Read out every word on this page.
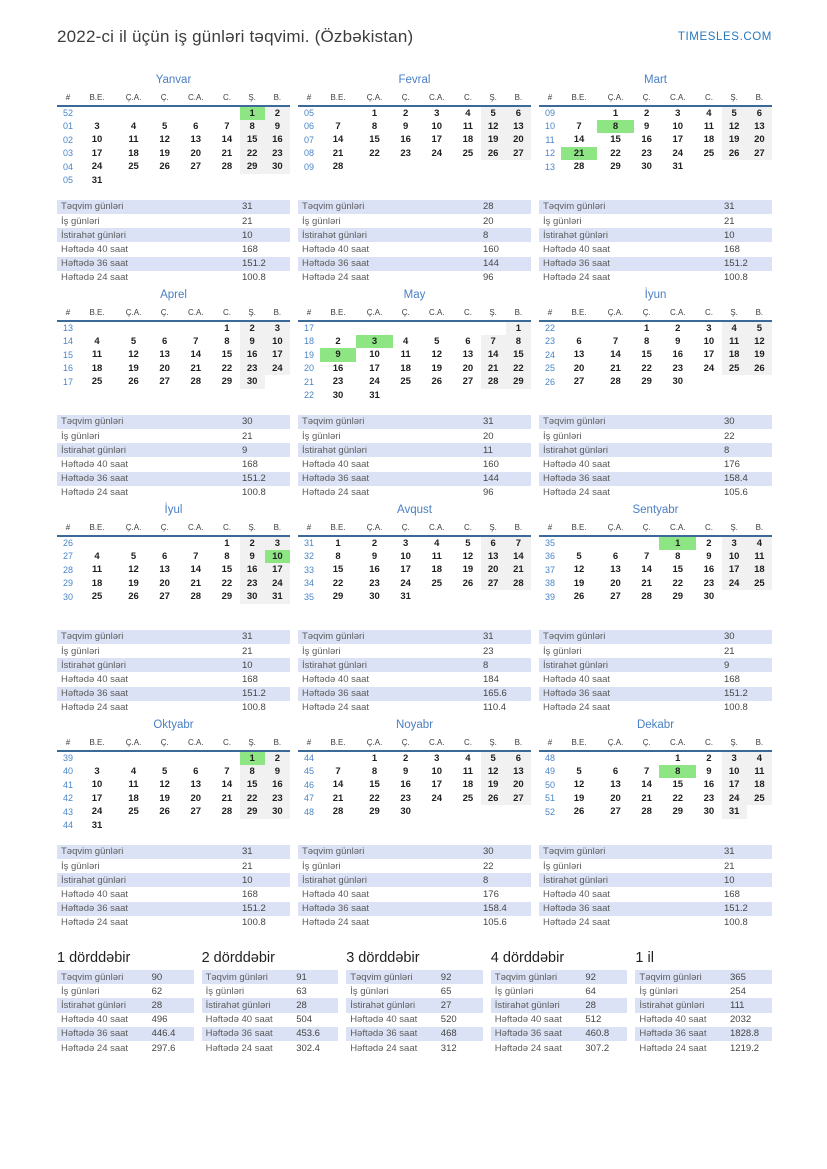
2022-ci il üçün iş günləri təqvimi. (Özbəkistan)	TIMESLES.COM
Yanvar
#	B.E.	Ç.A.	Ç.	C.A.	C.	Ş.	B.
52						1	2
01	3	4	5	6	7	8	9
02	10	11	12	13	14	15	16
03	17	18	19	20	21	22	23
04	24	25	26	27	28	29	30
05	31						
Təqvim günləri	31
İş günləri	21
İstirahət günləri	10
Həftədə 40 saat	168
Həftədə 36 saat	151.2
Həftədə 24 saat	100.8
Fevral
#	B.E.	Ç.A.	Ç.	C.A.	C.	Ş.	B.
05		1	2	3	4	5	6
06	7	8	9	10	11	12	13
07	14	15	16	17	18	19	20
08	21	22	23	24	25	26	27
09	28						
Təqvim günləri	28
İş günləri	20
İstirahət günləri	8
Həftədə 40 saat	160
Həftədə 36 saat	144
Həftədə 24 saat	96
Mart
#	B.E.	Ç.A.	Ç.	C.A.	C.	Ş.	B.
09		1	2	3	4	5	6
10	7	8	9	10	11	12	13
11	14	15	16	17	18	19	20
12	21	22	23	24	25	26	27
13	28	29	30	31			
Təqvim günləri	31
İş günləri	21
İstirahət günləri	10
Həftədə 40 saat	168
Həftədə 36 saat	151.2
Həftədə 24 saat	100.8
Aprel
#	B.E.	Ç.A.	Ç.	C.A.	C.	Ş.	B.
13					1	2	3
14	4	5	6	7	8	9	10
15	11	12	13	14	15	16	17
16	18	19	20	21	22	23	24
17	25	26	27	28	29	30	
Təqvim günləri	30
İş günləri	21
İstirahət günləri	9
Həftədə 40 saat	168
Həftədə 36 saat	151.2
Həftədə 24 saat	100.8
May
#	B.E.	Ç.A.	Ç.	C.A.	C.	Ş.	B.
17							1
18	2	3	4	5	6	7	8
19	9	10	11	12	13	14	15
20	16	17	18	19	20	21	22
21	23	24	25	26	27	28	29
22	30	31					
Təqvim günləri	31
İş günləri	20
İstirahət günləri	11
Həftədə 40 saat	160
Həftədə 36 saat	144
Həftədə 24 saat	96
İyun
#	B.E.	Ç.A.	Ç.	C.A.	C.	Ş.	B.
22			1	2	3	4	5
23	6	7	8	9	10	11	12
24	13	14	15	16	17	18	19
25	20	21	22	23	24	25	26
26	27	28	29	30			
Təqvim günləri	30
İş günləri	22
İstirahət günləri	8
Həftədə 40 saat	176
Həftədə 36 saat	158.4
Həftədə 24 saat	105.6
İyul
#	B.E.	Ç.A.	Ç.	C.A.	C.	Ş.	B.
26					1	2	3
27	4	5	6	7	8	9	10
28	11	12	13	14	15	16	17
29	18	19	20	21	22	23	24
30	25	26	27	28	29	30	31
Təqvim günləri	31
İş günləri	21
İstirahət günləri	10
Həftədə 40 saat	168
Həftədə 36 saat	151.2
Həftədə 24 saat	100.8
Avqust
#	B.E.	Ç.A.	Ç.	C.A.	C.	Ş.	B.
31	1	2	3	4	5	6	7
32	8	9	10	11	12	13	14
33	15	16	17	18	19	20	21
34	22	23	24	25	26	27	28
35	29	30	31				
Təqvim günləri	31
İş günləri	23
İstirahət günləri	8
Həftədə 40 saat	184
Həftədə 36 saat	165.6
Həftədə 24 saat	110.4
Sentyabr
#	B.E.	Ç.A.	Ç.	C.A.	C.	Ş.	B.
35				1	2	3	4
36	5	6	7	8	9	10	11
37	12	13	14	15	16	17	18
38	19	20	21	22	23	24	25
39	26	27	28	29	30		
Təqvim günləri	30
İş günləri	21
İstirahət günləri	9
Həftədə 40 saat	168
Həftədə 36 saat	151.2
Həftədə 24 saat	100.8
Oktyabr
#	B.E.	Ç.A.	Ç.	C.A.	C.	Ş.	B.
39						1	2
40	3	4	5	6	7	8	9
41	10	11	12	13	14	15	16
42	17	18	19	20	21	22	23
43	24	25	26	27	28	29	30
44	31						
Təqvim günləri	31
İş günləri	21
İstirahət günləri	10
Həftədə 40 saat	168
Həftədə 36 saat	151.2
Həftədə 24 saat	100.8
Noyabr
#	B.E.	Ç.A.	Ç.	C.A.	C.	Ş.	B.
44		1	2	3	4	5	6
45	7	8	9	10	11	12	13
46	14	15	16	17	18	19	20
47	21	22	23	24	25	26	27
48	28	29	30				
Təqvim günləri	30
İş günləri	22
İstirahət günləri	8
Həftədə 40 saat	176
Həftədə 36 saat	158.4
Həftədə 24 saat	105.6
Dekabr
#	B.E.	Ç.A.	Ç.	C.A.	C.	Ş.	B.
48				1	2	3	4
49	5	6	7	8	9	10	11
50	12	13	14	15	16	17	18
51	19	20	21	22	23	24	25
52	26	27	28	29	30	31	
Təqvim günləri	31
İş günləri	21
İstirahət günləri	10
Həftədə 40 saat	168
Həftədə 36 saat	151.2
Həftədə 24 saat	100.8
1 dörddəbir
Təqvim günləri	90
İş günləri	62
İstirahət günləri	28
Həftədə 40 saat	496
Həftədə 36 saat	446.4
Həftədə 24 saat	297.6
2 dörddəbir
Təqvim günləri	91
İş günləri	63
İstirahət günləri	28
Həftədə 40 saat	504
Həftədə 36 saat	453.6
Həftədə 24 saat	302.4
3 dörddəbir
Təqvim günləri	92
İş günləri	65
İstirahət günləri	27
Həftədə 40 saat	520
Həftədə 36 saat	468
Həftədə 24 saat	312
4 dörddəbir
Təqvim günləri	92
İş günləri	64
İstirahət günləri	28
Həftədə 40 saat	512
Həftədə 36 saat	460.8
Həftədə 24 saat	307.2
1 il
Təqvim günləri	365
İş günləri	254
İstirahət günləri	111
Həftədə 40 saat	2032
Həftədə 36 saat	1828.8
Həftədə 24 saat	1219.2
